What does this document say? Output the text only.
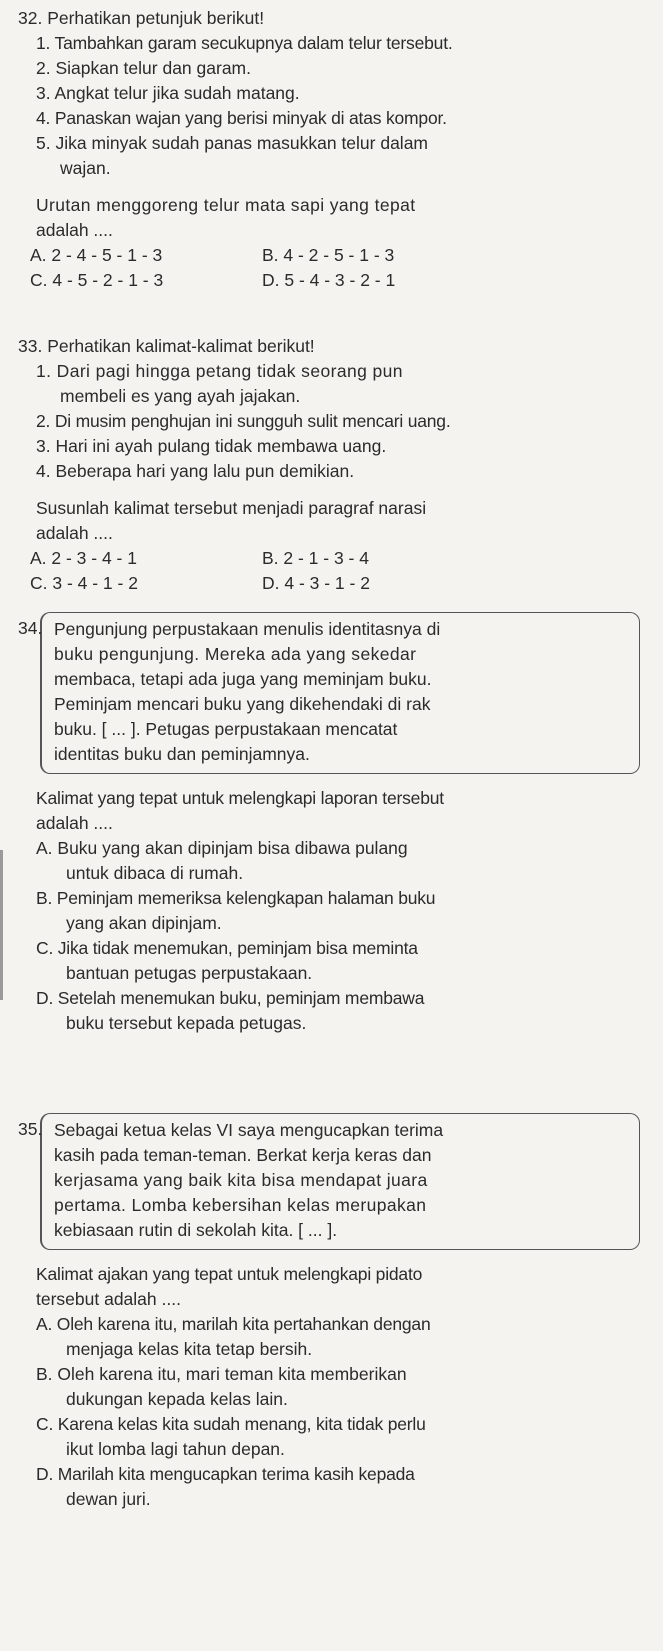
32. Perhatikan petunjuk berikut!
1. Tambahkan garam secukupnya dalam telur tersebut.
2. Siapkan telur dan garam.
3. Angkat telur jika sudah matang.
4. Panaskan wajan yang berisi minyak di atas kompor.
5. Jika minyak sudah panas masukkan telur dalam
wajan.
Urutan menggoreng telur mata sapi yang tepat
adalah ....
A. 2 - 4 - 5 - 1 - 3	B. 4 - 2 - 5 - 1 - 3
C. 4 - 5 - 2 - 1 - 3	D. 5 - 4 - 3 - 2 - 1
33. Perhatikan kalimat-kalimat berikut!
1. Dari pagi hingga petang tidak seorang pun
membeli es yang ayah jajakan.
2. Di musim penghujan ini sungguh sulit mencari uang.
3. Hari ini ayah pulang tidak membawa uang.
4. Beberapa hari yang lalu pun demikian.
Susunlah kalimat tersebut menjadi paragraf narasi
adalah ....
A. 2 - 3 - 4 - 1	B. 2 - 1 - 3 - 4
C. 3 - 4 - 1 - 2	D. 4 - 3 - 1 - 2
34. Pengunjung perpustakaan menulis identitasnya di
buku pengunjung. Mereka ada yang sekedar
membaca, tetapi ada juga yang meminjam buku.
Peminjam mencari buku yang dikehendaki di rak
buku. [ ... ]. Petugas perpustakaan mencatat
identitas buku dan peminjamnya.
Kalimat yang tepat untuk melengkapi laporan tersebut
adalah ....
A. Buku yang akan dipinjam bisa dibawa pulang
untuk dibaca di rumah.
B. Peminjam memeriksa kelengkapan halaman buku
yang akan dipinjam.
C. Jika tidak menemukan, peminjam bisa meminta
bantuan petugas perpustakaan.
D. Setelah menemukan buku, peminjam membawa
buku tersebut kepada petugas.
35. Sebagai ketua kelas VI saya mengucapkan terima
kasih pada teman-teman. Berkat kerja keras dan
kerjasama yang baik kita bisa mendapat juara
pertama. Lomba kebersihan kelas merupakan
kebiasaan rutin di sekolah kita. [ ... ].
Kalimat ajakan yang tepat untuk melengkapi pidato
tersebut adalah ....
A. Oleh karena itu, marilah kita pertahankan dengan
menjaga kelas kita tetap bersih.
B. Oleh karena itu, mari teman kita memberikan
dukungan kepada kelas lain.
C. Karena kelas kita sudah menang, kita tidak perlu
ikut lomba lagi tahun depan.
D. Marilah kita mengucapkan terima kasih kepada
dewan juri.
